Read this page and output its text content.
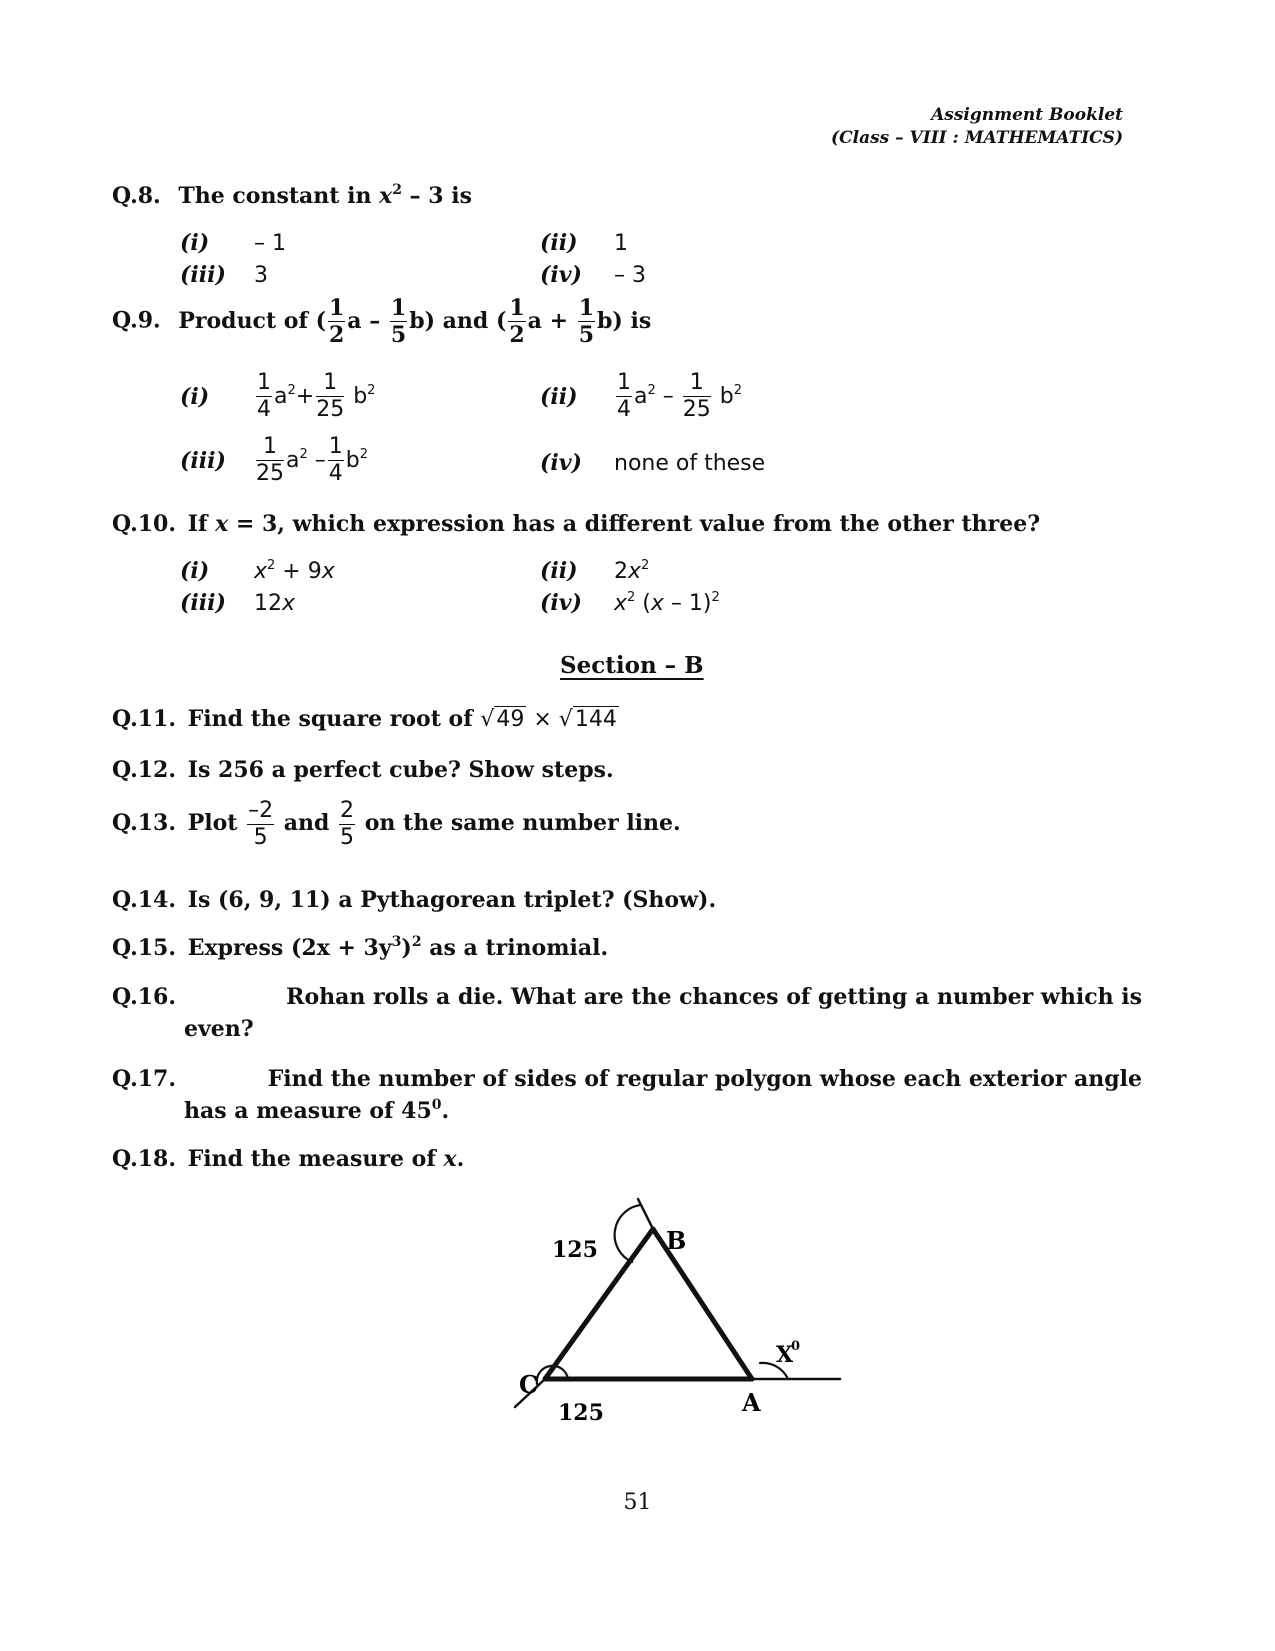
Assignment Booklet
(Class – VIII : MATHEMATICS)
Q.8. The constant in $x^2 - 3$ is
(i) – 1	(ii) 1
(iii) 3	(iv) – 3
Q.9. Product of ( $\frac{1}{2}$ a – $\frac{1}{5} b$) and ( $\frac{1}{2}$ $a + \frac{1}{5} b$) is
$(i) \frac{1}{4} a^2+ \frac{1}{25} b^2$	$(ii) \frac{1}{4} a^2 - \frac{1}{25} b^2$
$(iii) \frac{1}{25} a^2 - \frac{1}{4} b^2$	(iv) none of these
Q.10. If x = 3, which expression has a different value from the other three?
(i) $x^2 + 9x$	(ii) $2x^2$
(iii) 12x	(iv) $x^2$ (x – 1)$^2$
Section – B
Q.11. Find the square root of √49 × √144
Q.12. Is 256 a perfect cube? Show steps.
Q.13. Plot $\frac{-2}{5}$ and $\frac{2}{5}$ on the same number line.
Q.14. Is (6, 9, 11) a Pythagorean triplet? (Show).
Q.15. Express $(2x + 3y^3)^2$ as a trinomial.
Q.16.	Rohan rolls a die. What are the chances of getting a number which is
even?
Q.17.	Find the number of sides of regular polygon whose each exterior angle
has a measure of $45^0$.
Q.18. Find the measure of x.
125
125
B
C
A
X
0
51
